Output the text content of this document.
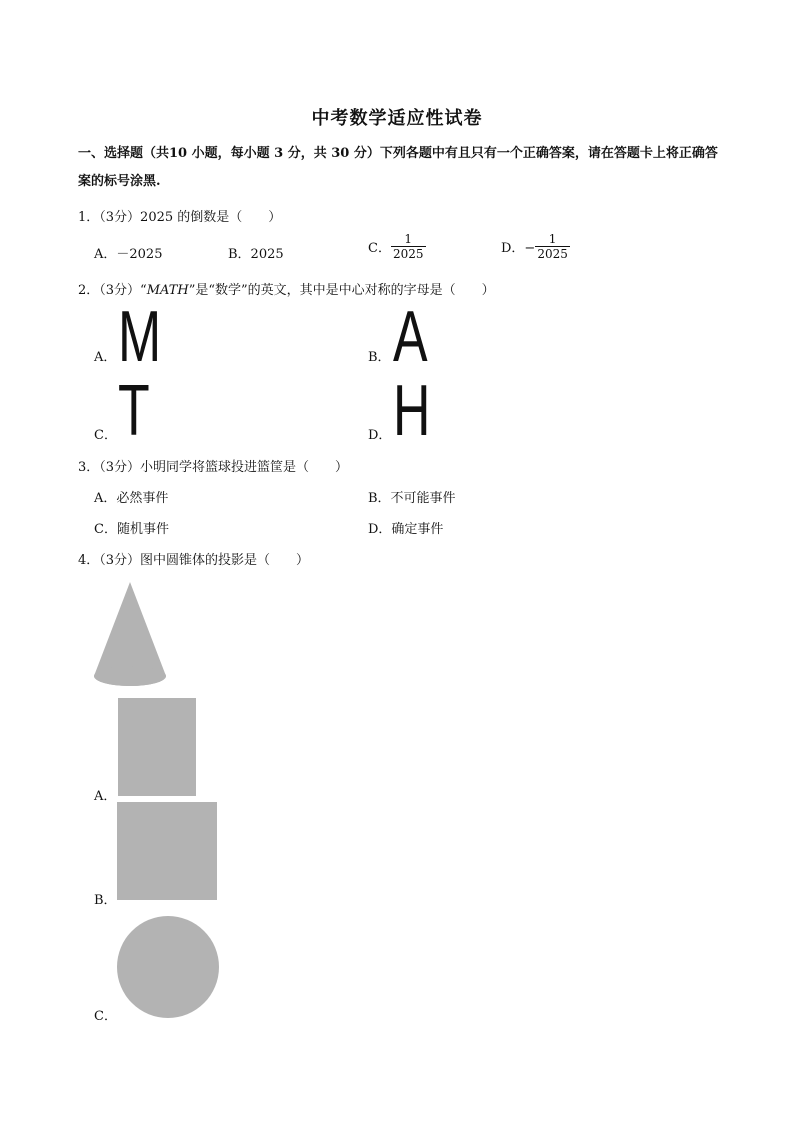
中考数学适应性试卷
一、选择题（共10 小题，每小题 3 分，共 30 分）下列各题中有且只有一个正确答案，请在答题卡上将正确答案的标号涂黑.
1．（3分）2025 的倒数是（　　）
A．－2025	B．2025	C． $\frac{1}{2025}$	D．− $\frac{1}{2025}$
2．（3分）“MATH”是“数学”的英文，其中是中心对称的字母是（　　）
A． M	B． A
C． T	D． H
3．（3分）小明同学将篮球投进篮筐是（　　）
A．必然事件	B．不可能事件
C．随机事件	D．确定事件
4．（3分）图中圆锥体的投影是（　　）
A．
B．
C．
